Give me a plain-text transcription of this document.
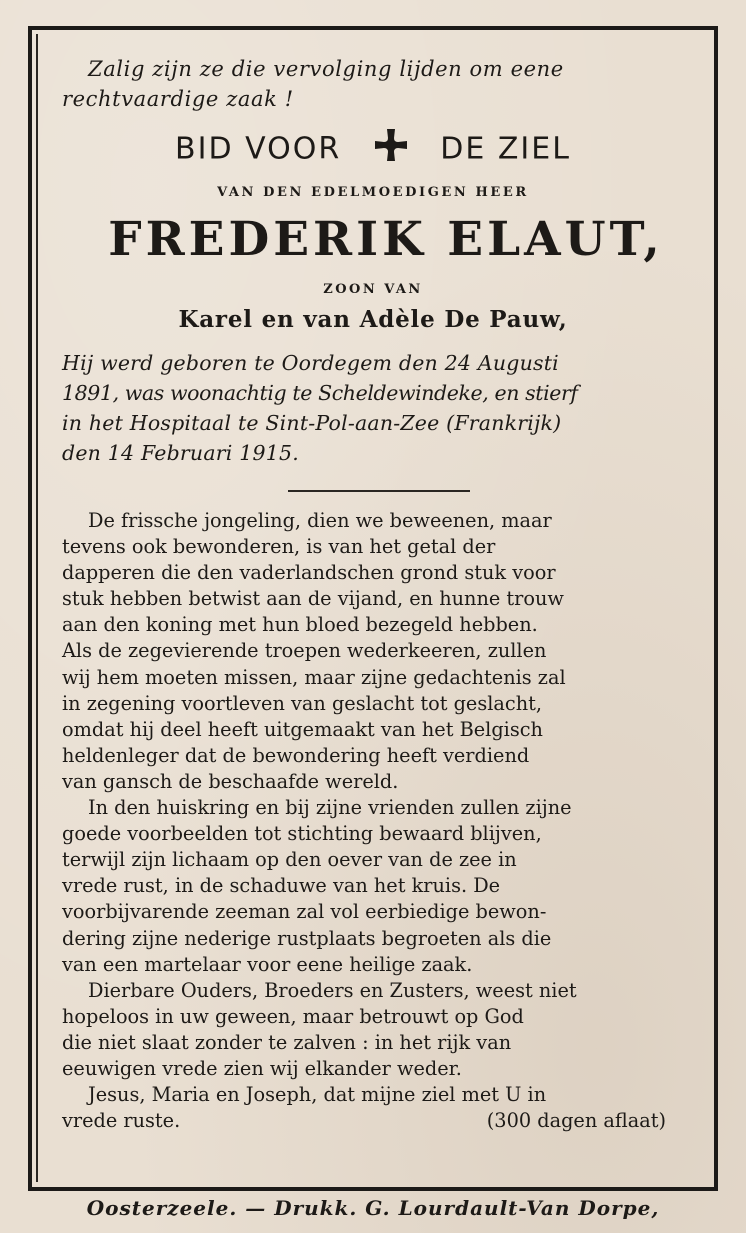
Zalig zijn ze die vervolging lijden om eene
rechtvaardige zaak !
BID VOOR	DE ZIEL
VAN DEN EDELMOEDIGEN HEER
FREDERIK ELAUT,
ZOON VAN
Karel en van Adèle De Pauw,
Hij werd geboren te Oordegem den 24 Augusti
1891, was woonachtig te Scheldewindeke, en stierf
in het Hospitaal te Sint-Pol-aan-Zee (Frankrijk)
den 14 Februari 1915.
De frissche jongeling, dien we beweenen, maar
tevens ook bewonderen, is van het getal der
dapperen die den vaderlandschen grond stuk voor
stuk hebben betwist aan de vijand, en hunne trouw
aan den koning met hun bloed bezegeld hebben.
Als de zegevierende troepen wederkeeren, zullen
wij hem moeten missen, maar zijne gedachtenis zal
in zegening voortleven van geslacht tot geslacht,
omdat hij deel heeft uitgemaakt van het Belgisch
heldenleger dat de bewondering heeft verdiend
van gansch de beschaafde wereld.
In den huiskring en bij zijne vrienden zullen zijne
goede voorbeelden tot stichting bewaard blijven,
terwijl zijn lichaam op den oever van de zee in
vrede rust, in de schaduwe van het kruis. De
voorbijvarende zeeman zal vol eerbiedige bewon-
dering zijne nederige rustplaats begroeten als die
van een martelaar voor eene heilige zaak.
Dierbare Ouders, Broeders en Zusters, weest niet
hopeloos in uw geween, maar betrouwt op God
die niet slaat zonder te zalven : in het rijk van
eeuwigen vrede zien wij elkander weder.
Jesus, Maria en Joseph, dat mijne ziel met U in
vrede ruste.	(300 dagen aflaat)
Oosterzeele. — Drukk. G. Lourdault-Van Dorpe,
